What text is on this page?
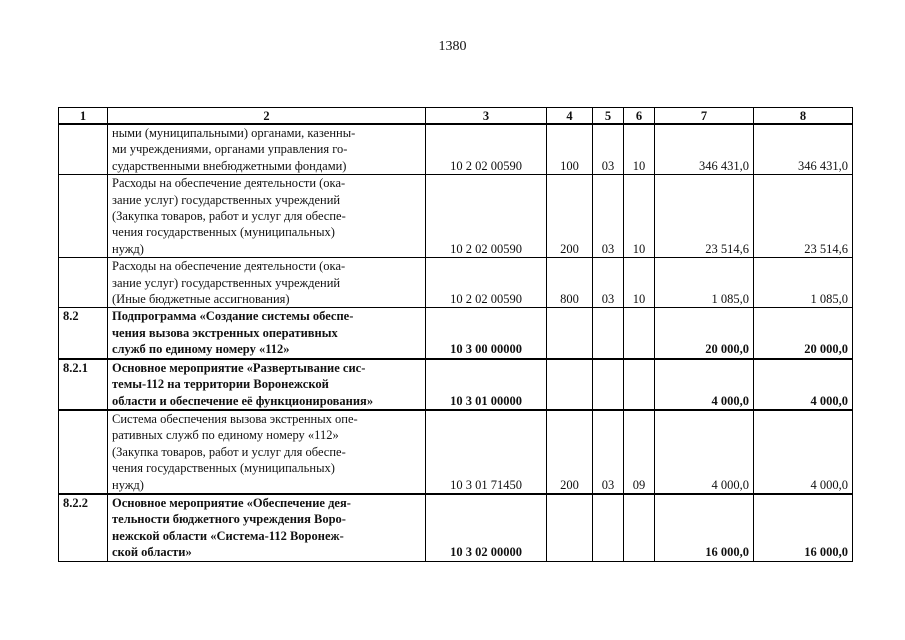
1380
1	2	3	4	5	6	7	8

	ными (муниципальными) органами, казенны-
ми учреждениями, органами управления го-
сударственными внебюджетными фондами)	10 2 02 00590	100	03	10	346 431,0	346 431,0

	Расходы на обеспечение деятельности (ока-
зание услуг) государственных учреждений
(Закупка товаров, работ и услуг для обеспе-
чения государственных (муниципальных)
нужд)	10 2 02 00590	200	03	10	23 514,6	23 514,6

	Расходы на обеспечение деятельности (ока-
зание услуг) государственных учреждений
(Иные бюджетные ассигнования)	10 2 02 00590	800	03	10	1 085,0	1 085,0
8.2	Подпрограмма «Создание системы обеспе-
чения вызова экстренных оперативных
служб по единому номеру «112»	10 3 00 00000				20 000,0	20 000,0
8.2.1	Основное мероприятие «Развертывание сис-
темы-112 на территории Воронежской
области и обеспечение её функционирования»	10 3 01 00000				4 000,0	4 000,0

	Система обеспечения вызова экстренных опе-
ративных служб по единому номеру «112»
(Закупка товаров, работ и услуг для обеспе-
чения государственных (муниципальных)
нужд)	10 3 01 71450	200	03	09	4 000,0	4 000,0
8.2.2	Основное мероприятие «Обеспечение дея-
тельности бюджетного учреждения Воро-
нежской области «Система-112 Воронеж-
ской области»	10 3 02 00000				16 000,0	16 000,0
